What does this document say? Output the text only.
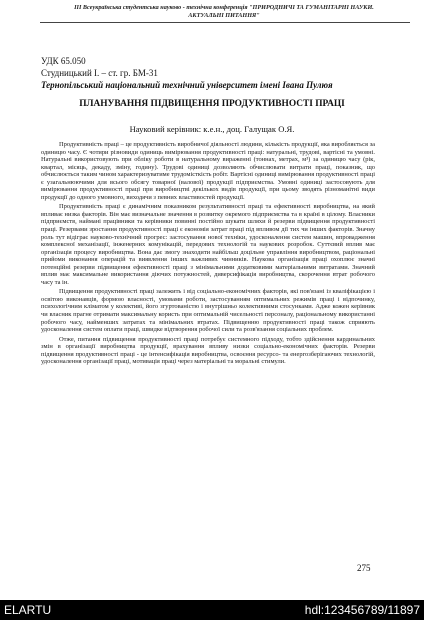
ІІІ Всеукраїнська студентська науково - технічна конференція "ПРИРОДНИЧІ ТА ГУМАНІТАРНІ НАУКИ. АКТУАЛЬНІ ПИТАННЯ"
УДК 65.050
Студницький І. – ст. гр. БМ-31
Тернопільський національний технічний університет імені Івана Пулюя
ПЛАНУВАННЯ ПІДВИЩЕННЯ ПРОДУКТИВНОСТІ ПРАЦІ
Науковий керівник: к.е.н., доц. Галущак О.Я.

Продуктивність праці – це продуктивність виробничої діяльності людини, кількість продукції, яка виробляється за одиницю часу. Є чотири різновиди одиниць вимірювання продуктивності праці: натуральні, трудові, вартісні та умовні. Натуральні використовують при обліку роботи в натуральному вираженні (тоннах, метрах, м³) за одиницю часу (рік, квартал, місяць, декаду, зміну, годину). Трудові одиниці дозволяють обчислювати витрати праці, показник, що обчислюється таким чином характеризуватиме трудомісткість робіт. Вартісні одиниці вимірювання продуктивності праці є узагальнюючими для всього обсягу товарної (валової) продукції підприємства. Умовні одиниці застосовують для вимірювання продуктивності праці при виробництві декількох видів продукції, при цьому зводять різноманітні види продукції до одного умовного, виходячи з певних властивостей продукції.

Продуктивність праці є динамічним показником результативності праці та ефективності виробництва, на який впливає низка факторів. Він має визначальне значення в розвитку окремого підприємства та в країні в цілому. Власники підприємств, наймані працівники та керівники повинні постійно шукати шляхи й резерви підвищення продуктивності праці. Резервами зростання продуктивності праці є економія затрат праці під впливом дії тих чи інших факторів. Значну роль тут відіграє науково-технічний прогрес: застосування нової техніки, удосконалення систем машин, впровадження комплексної механізації, інженерних комунікацій, передових технологій та наукових розробок. Суттєвий вплив має організація процесу виробництва. Вона дає змогу знаходити найбільш доцільне управління виробництвом, раціональні прийоми виконання операцій та виявлення інших важливих чинників. Наукова організація праці охоплює значні потенційні резерви підвищення ефективності праці з мінімальними додатковими матеріальними витратами. Значний вплив має максимальне використання діючих потужностей, диверсифікація виробництва, скорочення втрат робочого часу та ін.

Підвищення продуктивності праці залежить і від соціально-економічних факторів, які пов'язані із кваліфікацією і освітою виконавців, формою власності, умовами роботи, застосуванням оптимальних режимів праці і відпочинку, психологічним кліматом у колективі, його згуртованістю і внутрішньо колективними стосунками. Адже кожен керівник чи власник прагне отримати максимальну користь при оптимальній чисельності персоналу, раціональному використанні робочого часу, найменших затратах та мінімальних втратах. Підвищенню продуктивності праці також сприяють удосконалення систем оплати праці, швидке відтворення робочої сили та розв'язання соціальних проблем.

Отже, питання підвищення продуктивності праці потребує системного підходу, тобто здійснення кардинальних змін в організації виробництва продукції, врахування впливу низки соціально-економічних факторів. Резерви підвищення продуктивності праці - це інтенсифікація виробництва, освоєння ресурсо- та енергозберігаючих технологій, удосконалення організації праці, мотивація праці через матеріальні та моральні стимули.

275
ELARTU	hdl:123456789/11897
